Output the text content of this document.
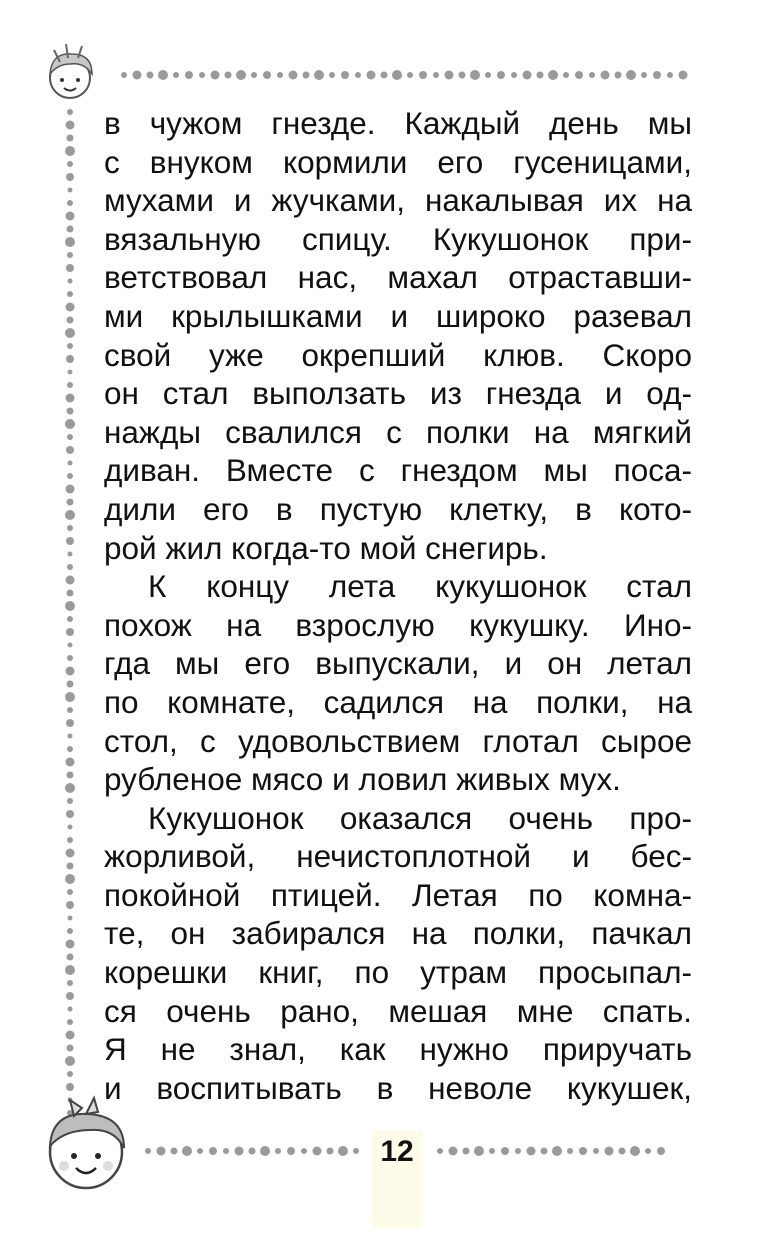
в чужом гнезде. Каждый день мы
с внуком кормили его гусеницами,
мухами и жучками, накалывая их на
вязальную спицу. Кукушонок при-
ветствовал нас, махал отраставши-
ми крылышками и широко разевал
свой уже окрепший клюв. Скоро
он стал выползать из гнезда и од-
нажды свалился с полки на мягкий
диван. Вместе с гнездом мы поса-
дили его в пустую клетку, в кото-
рой жил когда-то мой снегирь.
К концу лета кукушонок стал
похож на взрослую кукушку. Ино-
гда мы его выпускали, и он летал
по комнате, садился на полки, на
стол, с удовольствием глотал сырое
рубленое мясо и ловил живых мух.
Кукушонок оказался очень про-
жорливой, нечистоплотной и бес-
покойной птицей. Летая по комна-
те, он забирался на полки, пачкал
корешки книг, по утрам просыпал-
ся очень рано, мешая мне спать.
Я не знал, как нужно приручать
и воспитывать в неволе кукушек,
12
